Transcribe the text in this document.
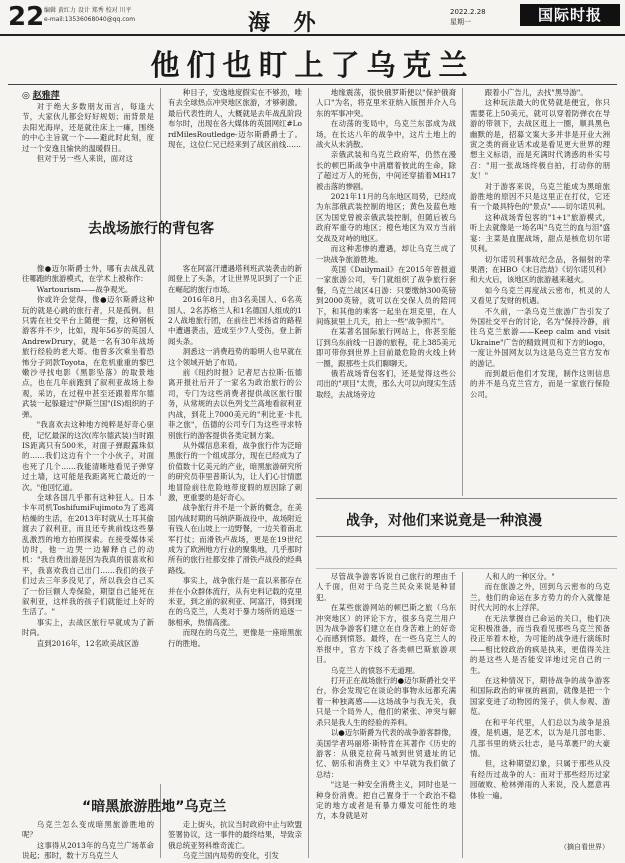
22 编辑 黄红力 设计 郑秀 校对 川平
e-mail:13536068040@qq.com	海 外	2022.2.28
星期一	国际时报
他们也盯上了乌克兰
◎ 赵雅萍

对于绝大多数朋友而言，每逢大节，大家伙儿都会好好规划；而背景是去阳光海岸，还是就往床上一瘫，围绕的中心主旨就一个——避此时此刻，度过一个安逸且愉快的温暖假日。

但对于另一些人来说，面对这

去战场旅行的背包客

像●迈尔斯爵士外，哪有去战乱就往哪跑的旅游模式，在学术上被称作：

Wartourism——战争观光。

你或许会觉得，像●迈尔斯爵这种玩的就是心跳的旅行者，只是孤例。但只需在社交平台上随便一搜，这种钢板游客并不少，比如，现年56岁的英国人AndrewDrury，就是一名有30年战场旅行经验的老大哥。他曾多次乘坐着恐怖分子同款Toyota，在危机重重的黎巴嫩沙寻找电影《黑影坠落》的取景地点，也在几年前跑到了叙利亚战场上参观，采访，在过程中甚至还跟着库尔德武装一起躲避过"伊斯兰国"(IS)组织的子弹。

"我喜欢去这种地方纯粹是好奇心驱使，记忆最深的这次(库尔德武装)当时跟IS距离只有500米，对面子弹跟露珠似的……我们这边有个一个小伙子，对面也死了几个……我能清晰地看见子弹穿过土墙，这可能是我距离死亡最近的一次。"他回忆道。

全球各国几乎都有这种狂人。日本卡车司机ToshifumiFujimoto为了逃离枯燥的生活，在2013年时就从土耳其偷渡去了叙利亚，而且还专挑前线这些暴乱激烈的地方拍照探索。在接受媒体采访时，他一边哭一边解释自己的动机："我自费出游是因为我真的很喜欢和平，我喜欢我自己出门……我们的孩子们过去三年多没见了，所以我会自己买了一份巨额人寿保险，期望自己能死在叙利亚，这样我的孩子们就能过上好的生活了。"

事实上，去战区旅行早就成为了新时尚。

直到2016年，12名欧美战区游

种目子，安逸地度假实在不够劲，唯有去全球热点冲突地区旅游，才够刺激。最后代表性的人，大概就是去年战乱阶段布尔时，出现在各大媒体的英国网红#LordMilesRoutledge-迈尔斯爵爵士了。现在，这位仁兄已经来到了战区前线……

客在阿富汗遭遇塔利班武装袭击的新闻登上了头条，才让世界见识到了一个正在崛起的旅行市场。

2016年8月，由3名美国人、6名英国人、2名苏格兰人和1名德国人组成的12人战地旅行团，在前往巴米扬省的路程中遭遇袭击，造成至少7人受伤，登上新闻头条。

洞悉这一消费趋势的聪明人也早就在这个领域开始了布局。

前《纽约时报》记者尼古拉斯·伍德离开报社后开了一家名为政治旅行的公司，专门为这些消费者提供战区旅行服务，从常规的去以色列戈兰高地看叙利亚内战，到花上7000美元的"利比亚·卡扎菲之旅"，伍德的公司专门为这些寻求特别旅行的游客提供各类定制方案。

从外媒信息来看，战争旅行作为泛暗黑旅行的一个组成部分，现在已经成为了价值数十亿美元的产业，暗黑旅游研究所的研究员菲里普斯认为，让人们心甘情愿地冒险前往危险地带度假的原因除了刺激，更重要的是好奇心。

战争旅行并不是一个新的概念，在美国内战时期的马纳萨斯战役中，战场附近有钱人在山坡上一边野餐，一边关着南北军打仗；而滑铁卢战场，更是在19世纪成为了欧洲地方行业的聚集地，几乎那时所有的旅行社都安排了滑铁卢战役的经典路线。

事实上，战争旅行是一直以来都存在并在小众群体流行，从有史料记载的克里米亚，到之前的叙利亚、阿富汗，得到现在的乌克兰，人类对于暴力场所的追逐一脉相承，热情高涨。

而现在的乌克兰，更像是一座暗黑旅行的胜地。

“暗黑旅游胜地”乌克兰

乌克兰怎么变成暗黑旅游胜地的呢？

这事得从2013年的乌克兰广场革命说起；那时，数十万乌克兰人

走上街头，抗议当时政府中止与欧盟签署协议，这一事件的最终结果，导致亲俄总统亚努科维奇流亡。

乌克兰国内局势的变化，引发

地缘震荡，很快俄罗斯便以"保护俄裔人口"为名，将克里米亚纳入版图并介入乌东的军事冲突。

在动荡的变局中，乌克兰东部成为战场，在长达八年的战争中，这片土地上的战火从未消散。

亲俄武装和乌克兰政府军，仍然在漫长的顿巴斯战争中消磨着彼此的生命，除了超过万人的死伤，中间还穿插着MH17被击落的惨剧。

2021年11月的乌东地区局势，已经成为东部俄武装控制的地区；黄色及蓝色地区为国党曾被亲俄武装控制，但随后被乌政府军重夺的地区；橙色地区为双方当前交战及对峙的地区。

而这种悲惨的遭遇，却让乌克兰成了一块战争旅游胜地。

英国《Dailymail》在2015年曾报道一家旅游公司，专门就组织了战争旅行套餐，乌克兰战区4日游：只要缴纳300英镑到2000英镑，就可以在交保人员的陪同下，和其他的乘客一起坐在坦克里，在人间炼狱里上几天，拍上一些"战争照片"。

在某著名国际旅行网站上，你甚至能订到乌东前线一日游的旅程，花上385美元即可带你到世界上目前最危险的火线上转一圈，跟那些士兵们聊聊天。

俄若战场背包客们，还是觉得这些公司出的"项目"太贵，那么大可以向现实生活取经，去战场旁边

跟着小广告儿，去找"黑导游"。

这种玩法最大的优势就是便宜，你只需要花上50美元，就可以穿着防弹衣在导游的带领下，去战区逛上一圈，顺具黑色幽默的是，招募文案大多并非是开业大洲寅之类的商业话术或是看见更大世界的理想主义标语，而是充满时代诱惑的朴实号召："用一张战场终极自拍，打动你的朋友！"

对于游客来说，乌克兰能成为黑暗旅游胜地的原因不只是这里正在打仗，它还有一个最具特色的"景点"——切尔诺贝利。

这种战场背包客的"1+1"旅游模式，听上去就像是一场名叫"乌克兰的血与泪"盛宴：主菜是血腥战场，甜点是核危切尔诺贝利。

切尔诺贝利事故纪念品，各辐射的苹果酒；在HBO《末日浩劫》《切尔诺贝利》和大火后，该地区的旅游越来越火。

如今乌克兰再度战云密布，机灵的人又看见了发财的机遇。

不久前，一条乌克兰旅游广告引发了外国社交平台的讨论，名为"保持冷静，前往乌克兰旅游——Keep calm and visit Ukraine"广告的精致网页和下方的logo，一度让外国网友以为这是乌克兰官方发布的游记。

而到最后他们才发现，制作这则信息的并不是乌克兰官方，而是一家旅行保险公司。

战争，对他们来说竟是一种浪漫

尽管战争游客诉说自己旅行的理由千人千面，但对于乌克兰民众来说是种冒犯。

在某些旅游网站的顿巴斯之旅（乌东冲突地区）的评论下方，很多乌克兰用户因为战争游客们建立在自身苦难上的好奇心而感到愤怒。最终，在一些乌克兰人的举报中，官方下线了各类顿巴斯旅游项目。

乌克兰人的愤怒不无道理。

打开正在战场旅行的●迈尔斯爵社交平台，你会发现它在谈论的事物永远都充满着一种独离感——这场战争与我无关，我只是一个局外人，他们的紧张、冲突与解杀只是我人生的经验的养料。

以●迈尔斯爵为代表的战争游客群像，美国学者玛丽塔·斯特肯在其著作《历史的游客：从俄克拉荷马城到世贸遗址的记忆、朝乐和消费主义》中早就为我们做了总结：

"这是一种安全消费主义，同时也是一种身份消费。把自己置身于一个政治不稳定的地方或者是有暴力爆发可能性的地方，本身就是对

人和人的一种区分。"

而在旅游之外，回到乌云密布的乌克兰，他们的命运在多方势力的介入就像是时代大河的水上浮萍。

在无法掌握自己命运的关口，他们决定积极准备，而当我看见那些乌克兰预备役正举着木枪，为可能的战争进行演练时——相比较政治的疯是执来，更值得关注的是这些人是否能安详地过完自己的一生。

在这种情况下，期待战争的战争游客和国际政治的审视的画面，就像是把一个国家变进了动物园的笼子，供人参观、游览。

在和平年代里，人们总以为战争是浪漫，是机遇，是艺术，以为是几部电影、几部书里的烧云壮志，是马革裹尸的大豪情。

但，这种期望幻象，只属于那些从没有经历过战争的人：而对于那些经历过家园破败、枪林弹雨的人来说，没人愿意再体验一遍。

（摘自看世界）
